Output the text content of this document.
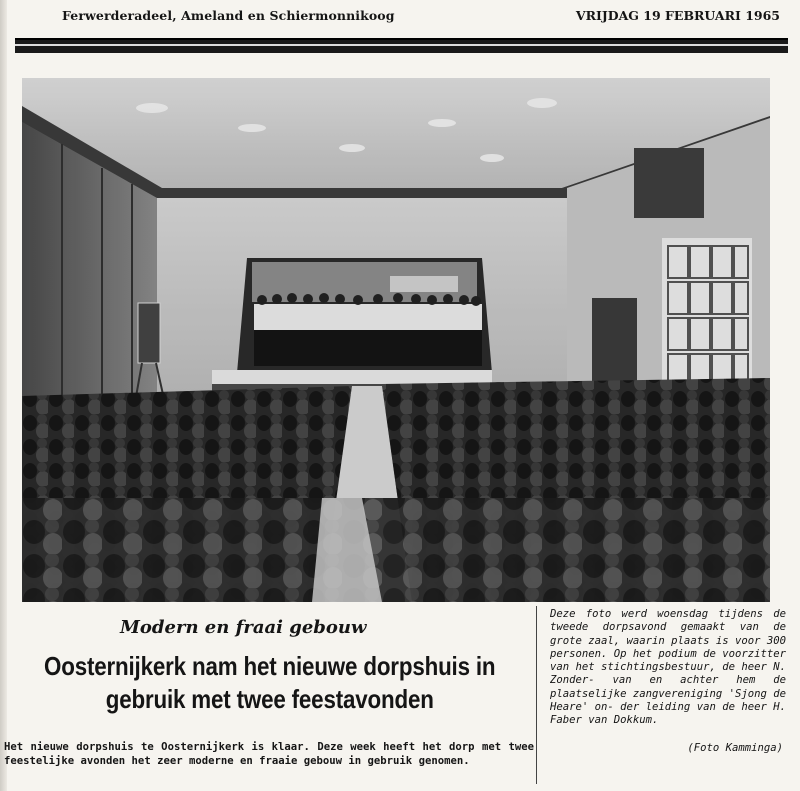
Ferwerderadeel, Ameland en Schiermonnikoog	VRIJDAG 19 FEBRUARI 1965
Modern en fraai gebouw
Oosternijkerk nam het nieuwe dorpshuis in gebruik met twee feestavonden

Het nieuwe dorpshuis te Oosternijkerk is klaar. Deze week heeft het dorp met twee feestelijke avonden het zeer moderne en fraaie gebouw in gebruik genomen.

Deze foto werd woensdag tijdens de tweede dorpsavond gemaakt van de grote zaal, waarin plaats is voor 300 personen. Op het podium de voorzitter van het stichtingsbestuur, de heer N. Zonder- van en achter hem de plaatselijke zangvereniging 'Sjong de Heare' on- der leiding van de heer H. Faber van Dokkum.

(Foto Kamminga)
